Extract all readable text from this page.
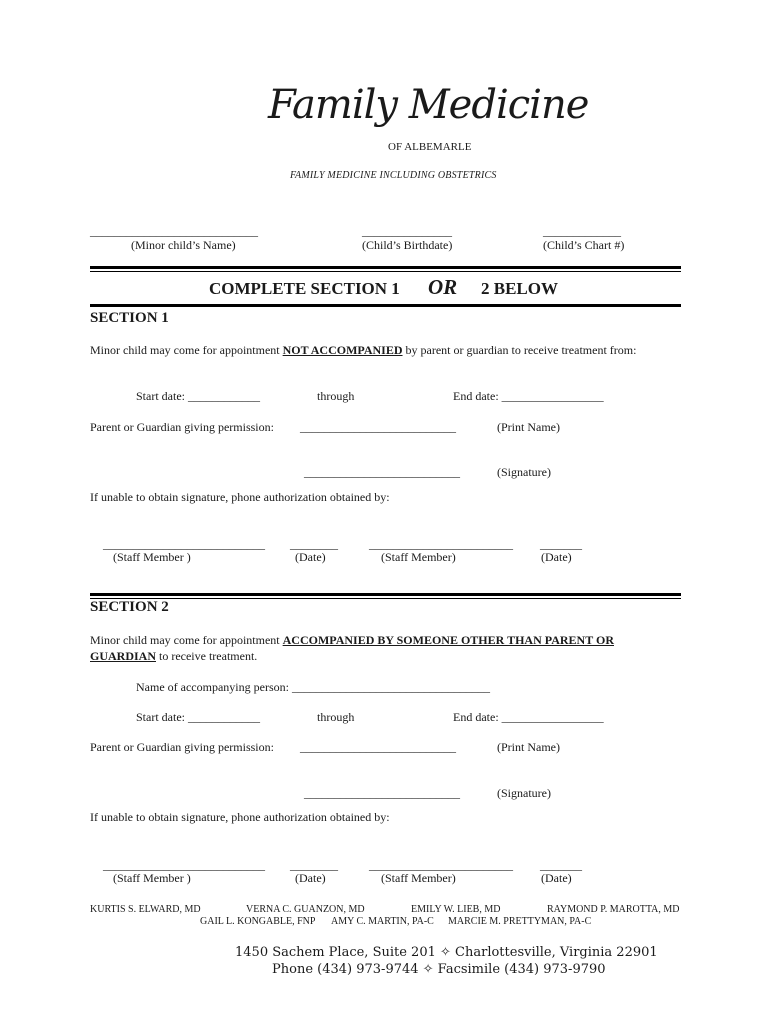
Family Medicine
OF ALBEMARLE
FAMILY MEDICINE INCLUDING OBSTETRICS
____________________________	_______________	_____________
(Minor child’s Name)	(Child’s Birthdate)	(Child’s Chart #)
COMPLETE SECTION 1 OR 2 BELOW
SECTION 1
Minor child may come for appointment NOT ACCOMPANIED by parent or guardian to receive treatment from:
Start date: ____________	through	End date: _________________
Parent or Guardian giving permission: __________________________	(Print Name)
__________________________	(Signature)
If unable to obtain signature, phone authorization obtained by:
___________________________ ________	________________________ _______
(Staff Member )	(Date)	(Staff Member)	(Date)
SECTION 2
Minor child may come for appointment ACCOMPANIED BY SOMEONE OTHER THAN PARENT OR
GUARDIAN to receive treatment.
Name of accompanying person: _________________________________
Start date: ____________	through	End date: _________________
Parent or Guardian giving permission: __________________________	(Print Name)
__________________________	(Signature)
If unable to obtain signature, phone authorization obtained by:
___________________________ ________	________________________ _______
(Staff Member )	(Date)	(Staff Member)	(Date)
KURTIS S. ELWARD, MD	VERNA C. GUANZON, MD	EMILY W. LIEB, MD	RAYMOND P. MAROTTA, MD
GAIL L. KONGABLE, FNP AMY C. MARTIN, PA-C MARCIE M. PRETTYMAN, PA-C
1450 Sachem Place, Suite 201 ✧ Charlottesville, Virginia 22901
Phone (434) 973-9744 ✧ Facsimile (434) 973-9790
